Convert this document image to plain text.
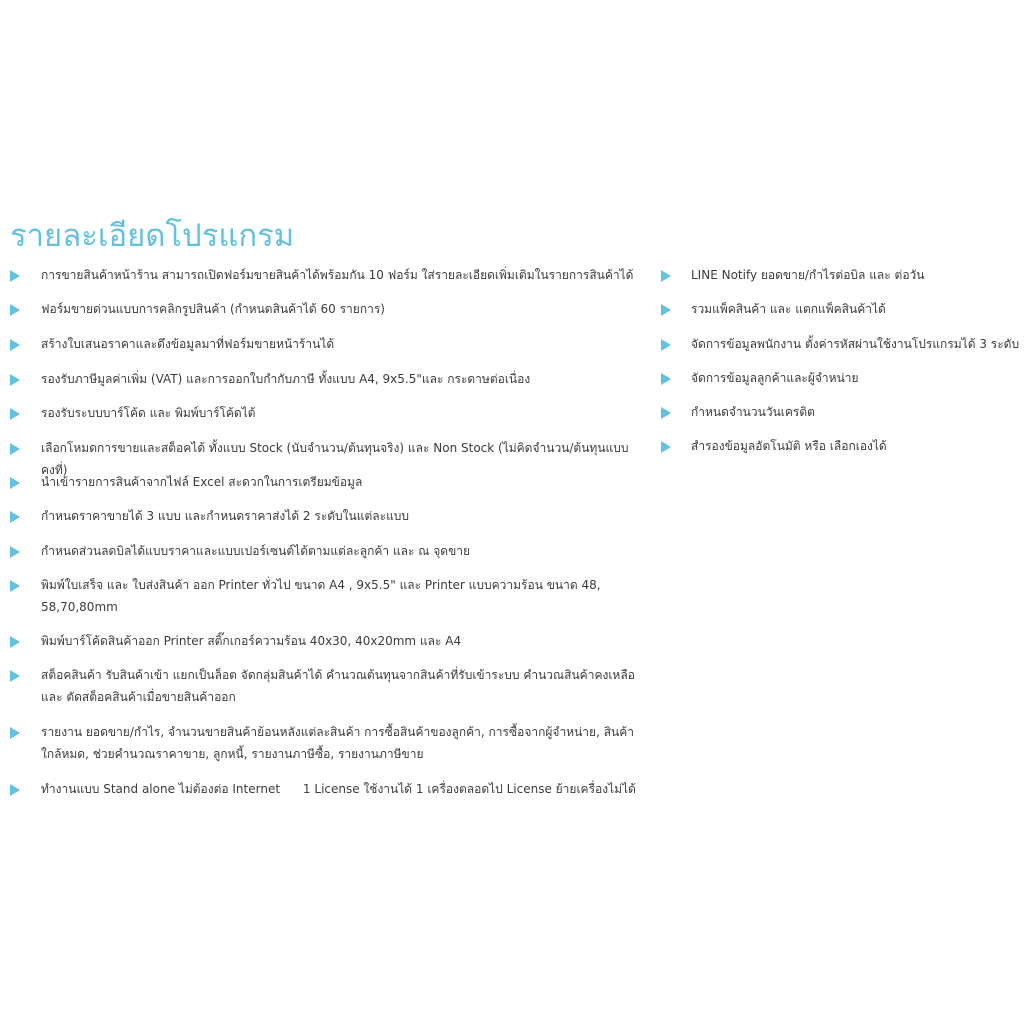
รายละเอียดโปรแกรม
การขายสินค้าหน้าร้าน สามารถเปิดฟอร์มขายสินค้าได้พร้อมกัน 10 ฟอร์ม ใส่รายละเอียดเพิ่มเติมในรายการสินค้าได้
ฟอร์มขายด่วนแบบการคลิกรูปสินค้า (กำหนดสินค้าได้ 60 รายการ)
สร้างใบเสนอราคาและดึงข้อมูลมาที่ฟอร์มขายหน้าร้านได้
รองรับภาษีมูลค่าเพิ่ม (VAT) และการออกใบกำกับภาษี ทั้งแบบ A4, 9x5.5"และ กระดาษต่อเนื่อง
รองรับระบบบาร์โค้ด และ พิมพ์บาร์โค้ดได้
เลือกโหมดการขายและสต็อคได้ ทั้งแบบ Stock (นับจำนวน/ต้นทุนจริง) และ Non Stock (ไม่คิดจำนวน/ต้นทุนแบบคงที่)
นำเข้ารายการสินค้าจากไฟล์ Excel สะดวกในการเตรียมข้อมูล
กำหนดราคาขายได้ 3 แบบ และกำหนดราคาส่งได้ 2 ระดับในแต่ละแบบ
กำหนดส่วนลดบิลได้แบบราคาและแบบเปอร์เซนต์ได้ตามแต่ละลูกค้า และ ณ จุดขาย
พิมพ์ใบเสร็จ และ ใบส่งสินค้า ออก Printer ทั่วไป ขนาด A4 , 9x5.5" และ Printer แบบความร้อน ขนาด 48, 58,70,80mm
พิมพ์บาร์โค้ดสินค้าออก Printer สติ๊กเกอร์ความร้อน 40x30, 40x20mm และ A4
สต็อคสินค้า รับสินค้าเข้า แยกเป็นล็อต จัดกลุ่มสินค้าได้ คำนวณต้นทุนจากสินค้าที่รับเข้าระบบ คำนวณสินค้าคงเหลือ และ ตัดสต็อคสินค้าเมื่อขายสินค้าออก
รายงาน ยอดขาย/กำไร, จำนวนขายสินค้าย้อนหลังแต่ละสินค้า การซื้อสินค้าของลูกค้า, การซื้อจากผู้จำหน่าย, สินค้าใกล้หมด, ช่วยคำนวณราคาขาย, ลูกหนี้, รายงานภาษีซื้อ, รายงานภาษีขาย
ทำงานแบบ Stand alone ไม่ต้องต่อ Internet      1 License ใช้งานได้ 1 เครื่องตลอดไป License ย้ายเครื่องไม่ได้
LINE Notify ยอดขาย/กำไรต่อบิล และ ต่อวัน
รวมแพ็คสินค้า และ แตกแพ็คสินค้าได้
จัดการข้อมูลพนักงาน ตั้งค่ารหัสผ่านใช้งานโปรแกรมได้ 3 ระดับ
จัดการข้อมูลลูกค้าและผู้จำหน่าย
กำหนดจำนวนวันเครดิต
สำรองข้อมูลอัตโนมัติ หรือ เลือกเองได้
